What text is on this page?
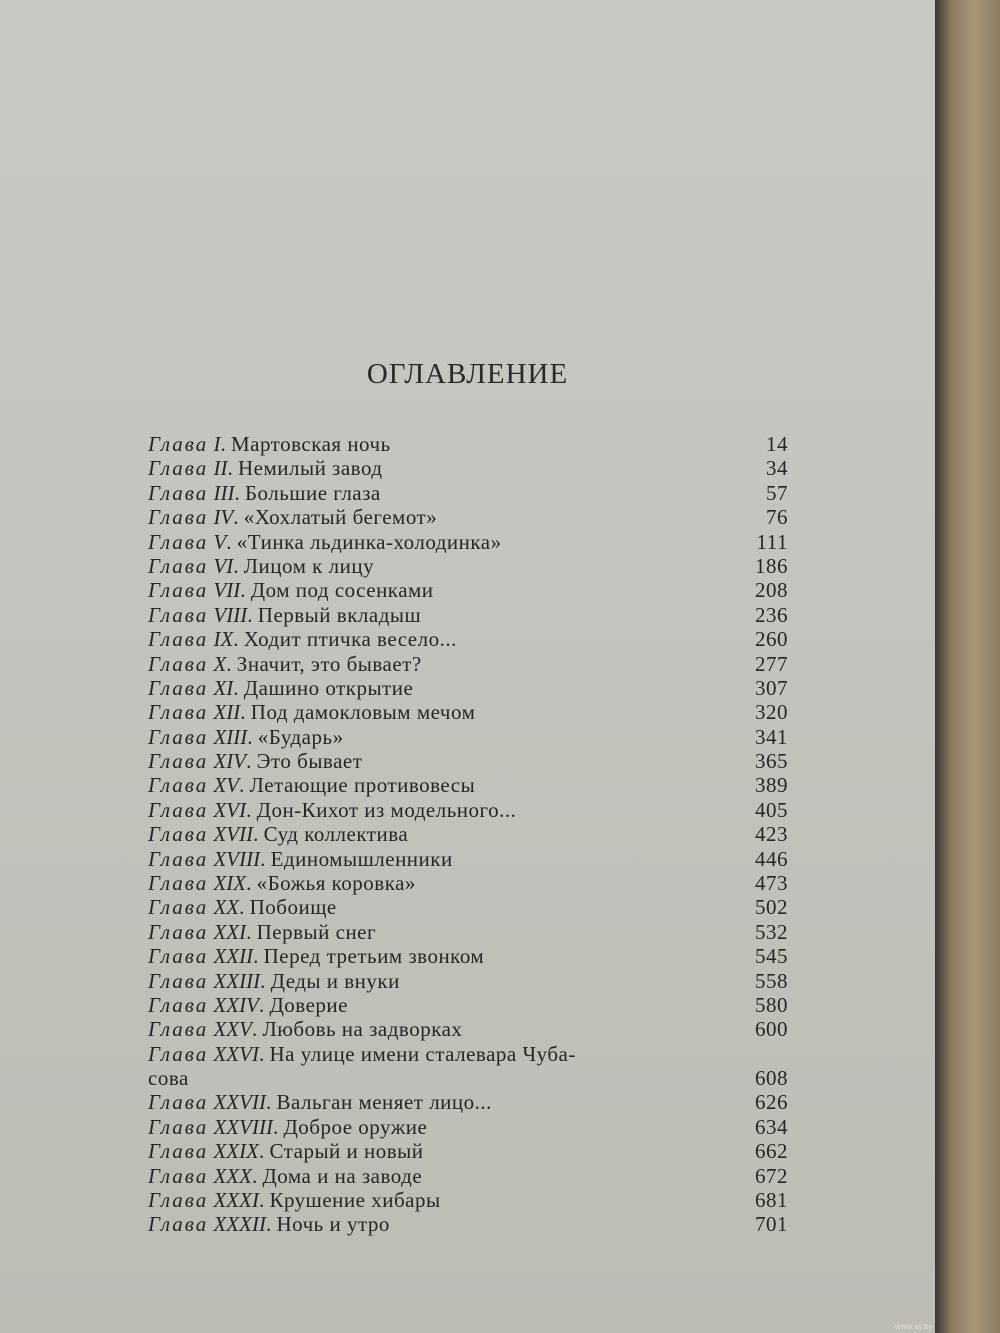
ОГЛАВЛЕНИЕ
Глава I. Мартовская ночь	14
Глава II. Немилый завод	34
Глава III. Большие глаза	57
Глава IV. «Хохлатый бегемот»	76
Глава V. «Тинка льдинка-холодинка»	111
Глава VI. Лицом к лицу	186
Глава VII. Дом под сосенками	208
Глава VIII. Первый вкладыш	236
Глава IX. Ходит птичка весело...	260
Глава X. Значит, это бывает?	277
Глава XI. Дашино открытие	307
Глава XII. Под дамокловым мечом	320
Глава XIII. «Бударь»	341
Глава XIV. Это бывает	365
Глава XV. Летающие противовесы	389
Глава XVI. Дон-Кихот из модельного...	405
Глава XVII. Суд коллектива	423
Глава XVIII. Единомышленники	446
Глава XIX. «Божья коровка»	473
Глава XX. Побоище	502
Глава XXI. Первый снег	532
Глава XXII. Перед третьим звонком	545
Глава XXIII. Деды и внуки	558
Глава XXIV. Доверие	580
Глава XXV. Любовь на задворках	600
Глава XXVI. На улице имени сталевара Чуба-
сова	608
Глава XXVII. Вальган меняет лицо...	626
Глава XXVIII. Доброе оружие	634
Глава XXIX. Старый и новый	662
Глава XXX. Дома и на заводе	672
Глава XXXI. Крушение хибары	681
Глава XXXII. Ночь и утро	701
www.ay.by
